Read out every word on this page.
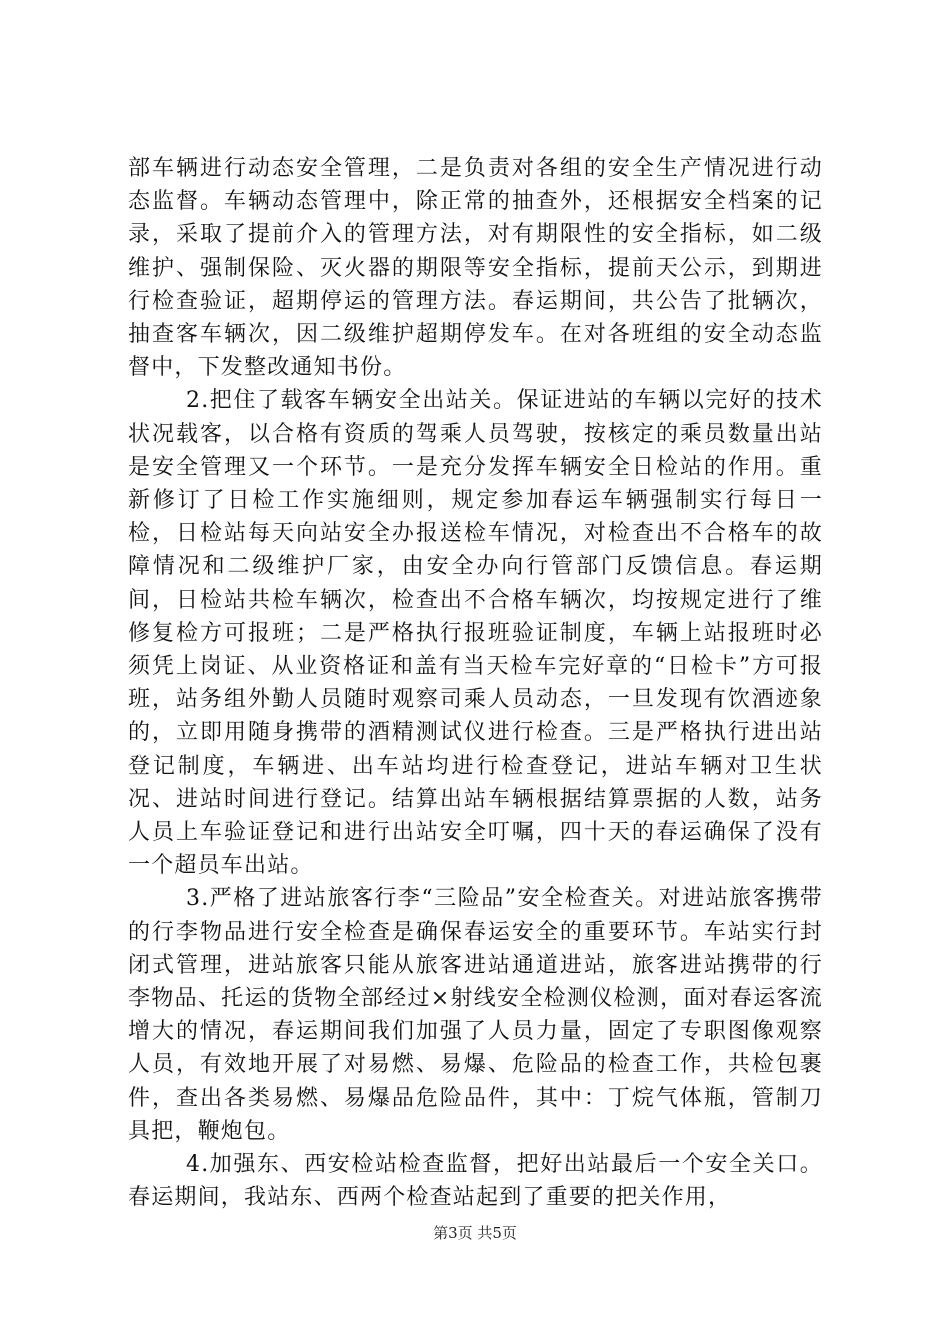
部车辆进行动态安全管理，二是负责对各组的安全生产情况进行动态监督。车辆动态管理中，除正常的抽查外，还根据安全档案的记录，采取了提前介入的管理方法，对有期限性的安全指标，如二级维护、强制保险、灭火器的期限等安全指标，提前天公示，到期进行检查验证，超期停运的管理方法。春运期间，共公告了批辆次，抽查客车辆次，因二级维护超期停发车。在对各班组的安全动态监督中，下发整改通知书份。

2.把住了载客车辆安全出站关。保证进站的车辆以完好的技术状况载客，以合格有资质的驾乘人员驾驶，按核定的乘员数量出站是安全管理又一个环节。一是充分发挥车辆安全日检站的作用。重新修订了日检工作实施细则，规定参加春运车辆强制实行每日一检，日检站每天向站安全办报送检车情况，对检查出不合格车的故障情况和二级维护厂家，由安全办向行管部门反馈信息。春运期间，日检站共检车辆次，检查出不合格车辆次，均按规定进行了维修复检方可报班；二是严格执行报班验证制度，车辆上站报班时必须凭上岗证、从业资格证和盖有当天检车完好章的“日检卡”方可报班，站务组外勤人员随时观察司乘人员动态，一旦发现有饮酒迹象的，立即用随身携带的酒精测试仪进行检查。三是严格执行进出站登记制度，车辆进、出车站均进行检查登记，进站车辆对卫生状况、进站时间进行登记。结算出站车辆根据结算票据的人数，站务人员上车验证登记和进行出站安全叮嘱，四十天的春运确保了没有一个超员车出站。

3.严格了进站旅客行李“三险品”安全检查关。对进站旅客携带的行李物品进行安全检查是确保春运安全的重要环节。车站实行封闭式管理，进站旅客只能从旅客进站通道进站，旅客进站携带的行李物品、托运的货物全部经过×射线安全检测仪检测，面对春运客流增大的情况，春运期间我们加强了人员力量，固定了专职图像观察人员，有效地开展了对易燃、易爆、危险品的检查工作，共检包裹件，查出各类易燃、易爆品危险品件，其中：丁烷气体瓶，管制刀具把，鞭炮包。

4.加强东、西安检站检查监督，把好出站最后一个安全关口。春运期间，我站东、西两个检查站起到了重要的把关作用，

第3页 共5页
